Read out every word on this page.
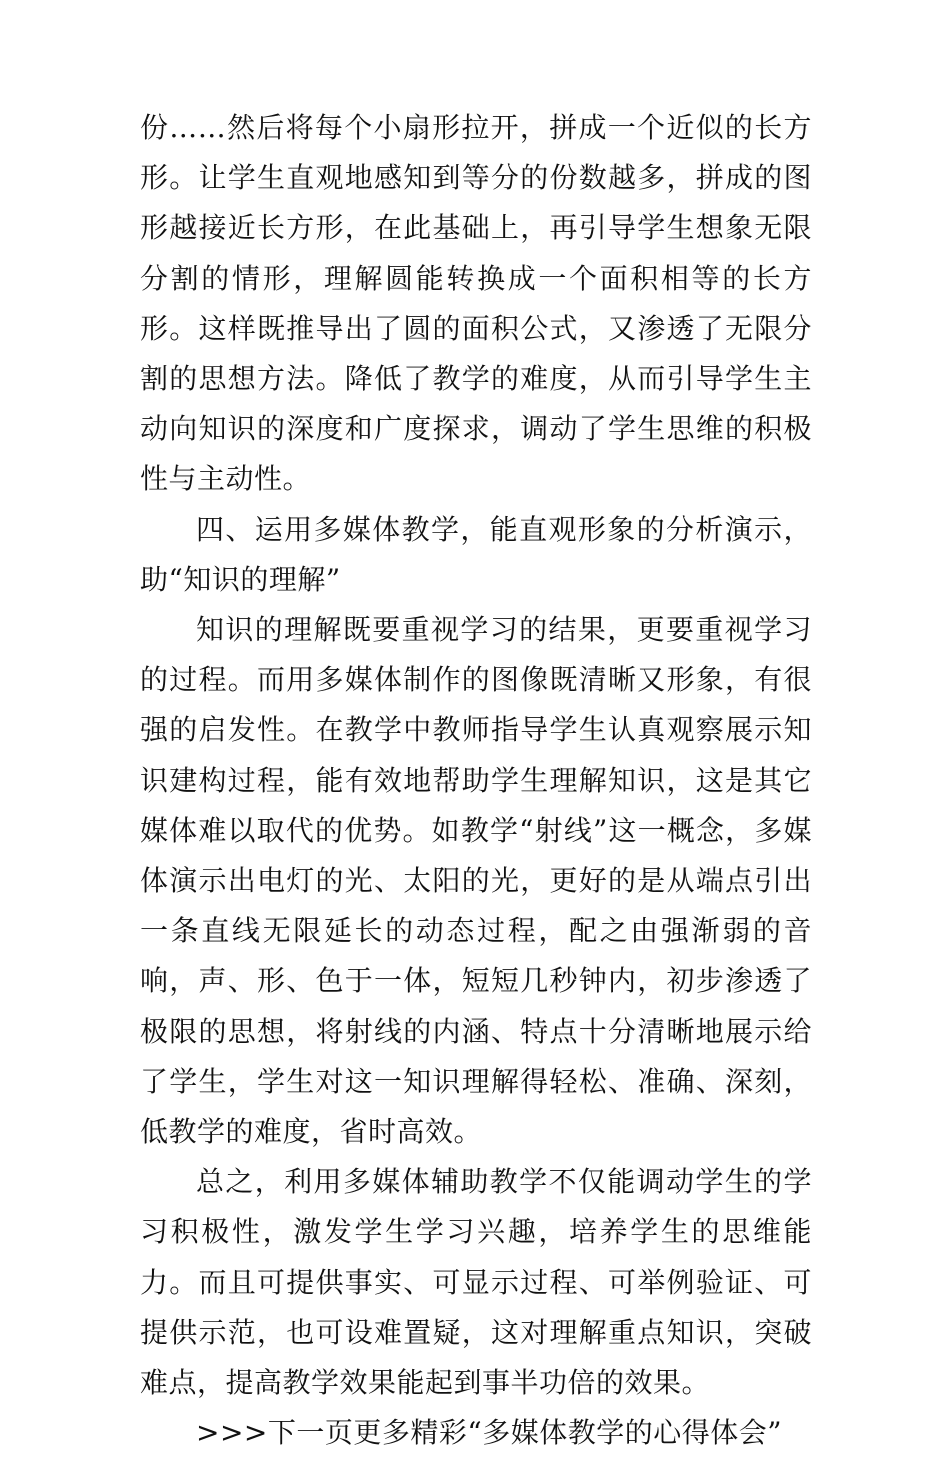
份……然后将每个小扇形拉开，拼成一个近似的长方形。让学生直观地感知到等分的份数越多，拼成的图形越接近长方形，在此基础上，再引导学生想象无限分割的情形，理解圆能转换成一个面积相等的长方形。这样既推导出了圆的面积公式，又渗透了无限分割的思想方法。降低了教学的难度，从而引导学生主动向知识的深度和广度探求，调动了学生思维的积极性与主动性。

四、运用多媒体教学，能直观形象的分析演示，助“知识的理解”

知识的理解既要重视学习的结果，更要重视学习的过程。而用多媒体制作的图像既清晰又形象，有很强的启发性。在教学中教师指导学生认真观察展示知识建构过程，能有效地帮助学生理解知识，这是其它媒体难以取代的优势。如教学“射线”这一概念，多媒体演示出电灯的光、太阳的光，更好的是从端点引出一条直线无限延长的动态过程，配之由强渐弱的音响，声、形、色于一体，短短几秒钟内，初步渗透了极限的思想，将射线的内涵、特点十分清晰地展示给了学生，学生对这一知识理解得轻松、准确、深刻，低教学的难度，省时高效。

总之，利用多媒体辅助教学不仅能调动学生的学习积极性，激发学生学习兴趣，培养学生的思维能力。而且可提供事实、可显示过程、可举例验证、可提供示范，也可设难置疑，这对理解重点知识，突破难点，提高教学效果能起到事半功倍的效果。

>>>下一页更多精彩“多媒体教学的心得体会”
